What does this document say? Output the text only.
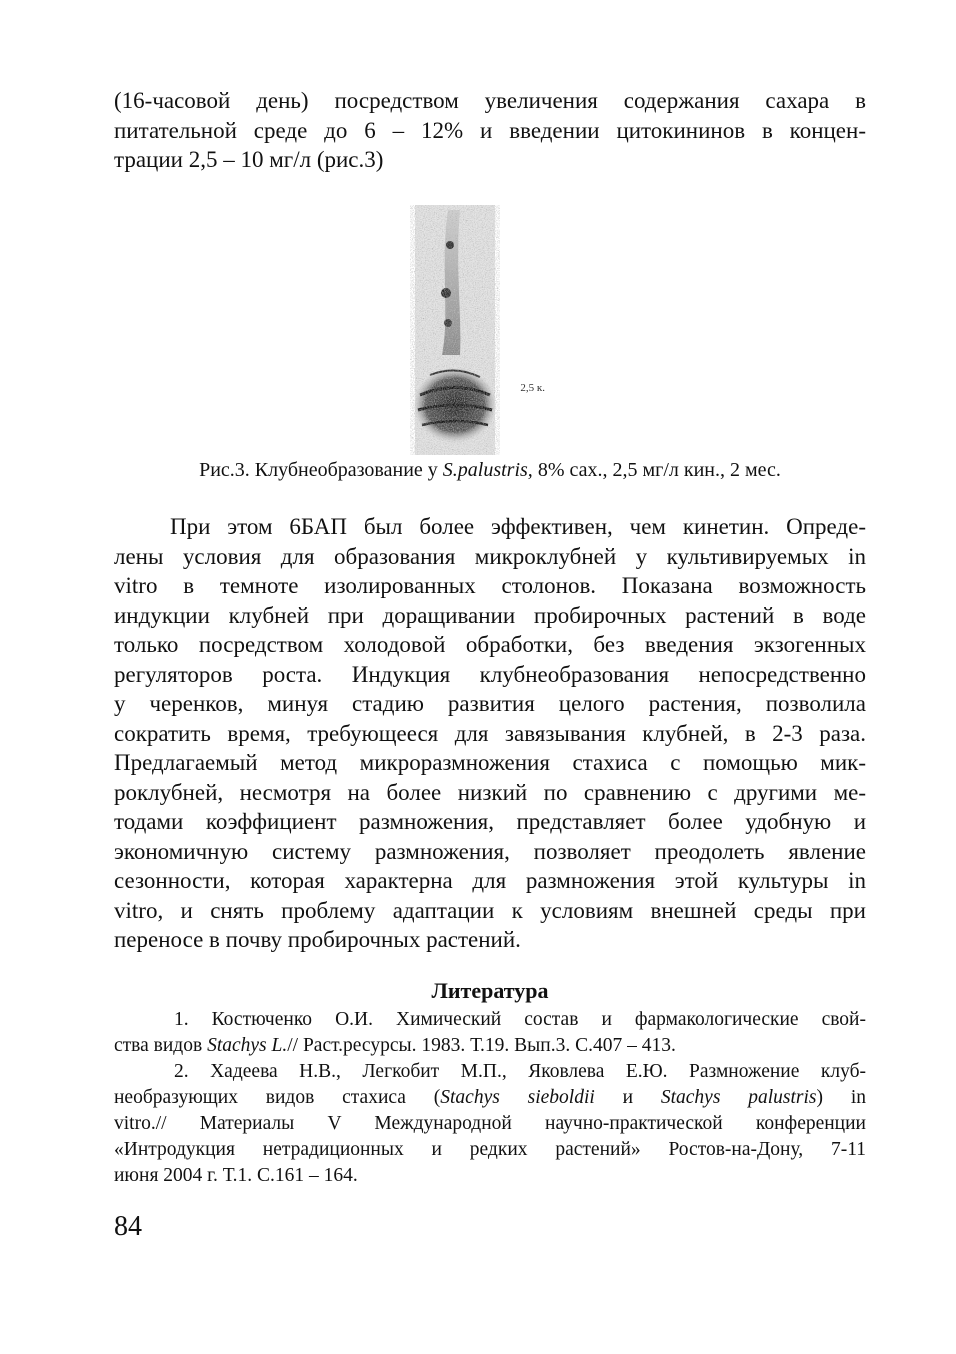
(16-часовой день) посредством увеличения содержания сахара в
питательной среде до 6 – 12% и введении цитокининов в концен-
трации 2,5 – 10 мг/л (рис.3)
2,5 к.
Рис.3. Клубнеобразование у S.palustris, 8% сах., 2,5 мг/л кин., 2 мес.
При этом 6БАП был более эффективен, чем кинетин. Опреде-
лены условия для образования микроклубней у культивируемых in
vitro в темноте изолированных столонов. Показана возможность
индукции клубней при доращивании пробирочных растений в воде
только посредством холодовой обработки, без введения экзогенных
регуляторов роста. Индукция клубнеобразования непосредственно
у черенков, минуя стадию развития целого растения, позволила
сократить время, требующееся для завязывания клубней, в 2-3 раза.
Предлагаемый метод микроразмножения стахиса с помощью мик-
роклубней, несмотря на более низкий по сравнению с другими ме-
тодами коэффициент размножения, представляет более удобную и
экономичную систему размножения, позволяет преодолеть явление
сезонности, которая характерна для размножения этой культуры in
vitro, и снять проблему адаптации к условиям внешней среды при
переносе в почву пробирочных растений.
Литература
1. Костюченко О.И. Химический состав и фармакологические свой-
ства видов Stachys L.// Раст.ресурсы. 1983. Т.19. Вып.3. С.407 – 413.
2. Хадеева Н.В., Легкобит М.П., Яковлева Е.Ю. Размножение клуб-
необразующих видов стахиса (Stachys sieboldii и Stachys palustris) in
vitro.// Материалы V Международной научно-практической конференции
«Интродукция нетрадиционных и редких растений» Ростов-на-Дону, 7-11
июня 2004 г. Т.1. С.161 – 164.
84
